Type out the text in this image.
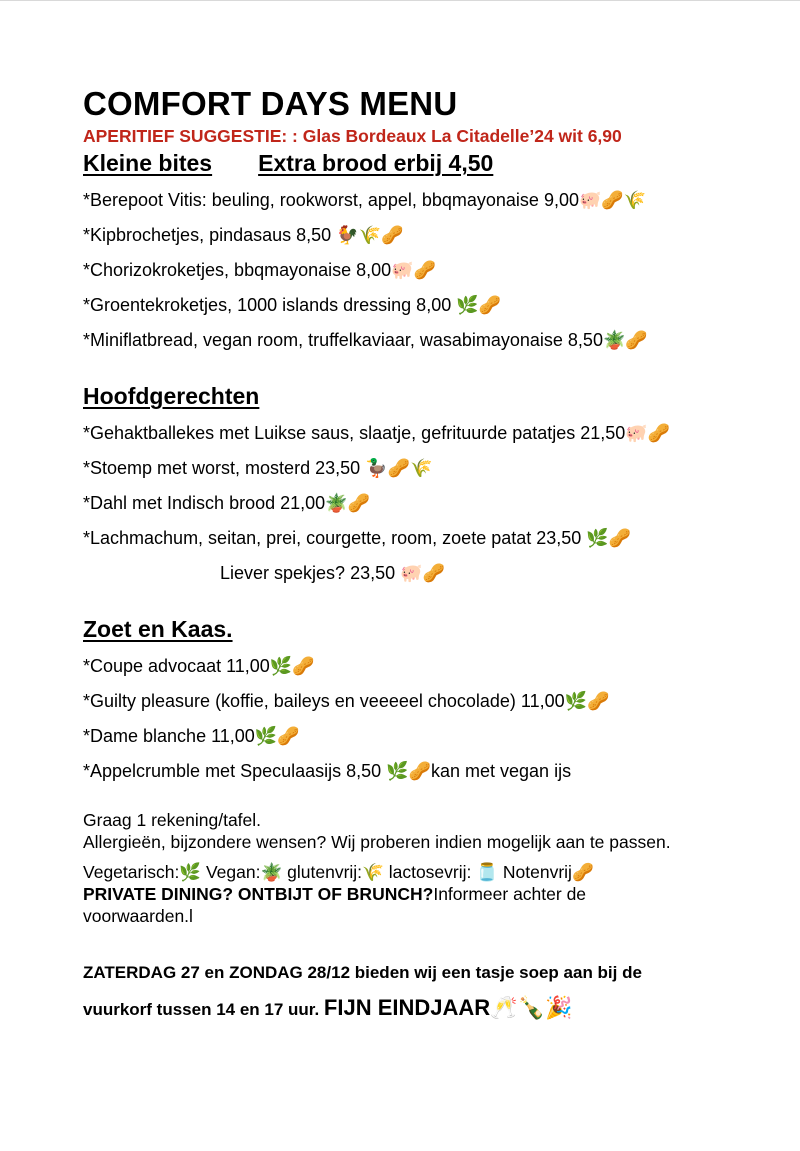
COMFORT DAYS MENU
APERITIEF SUGGESTIE: : Glas Bordeaux La Citadelle’24 wit 6,90
Kleine bites Extra brood erbij 4,50
*Berepoot Vitis: beuling, rookworst, appel, bbqmayonaise 9,00🐖🥜🌾
*Kipbrochetjes, pindasaus 8,50 🐓🌾🥜
*Chorizokroketjes, bbqmayonaise 8,00🐖🥜
*Groentekroketjes, 1000 islands dressing 8,00 🌿🥜
*Miniflatbread, vegan room, truffelkaviaar, wasabimayonaise 8,50🪴🥜
Hoofdgerechten
*Gehaktballekes met Luikse saus, slaatje, gefrituurde patatjes 21,50🐖🥜
*Stoemp met worst, mosterd 23,50 🦆🥜🌾
*Dahl met Indisch brood 21,00🪴🥜
*Lachmachum, seitan, prei, courgette, room, zoete patat 23,50 🌿🥜
Liever spekjes? 23,50 🐖🥜
Zoet en Kaas.
*Coupe advocaat 11,00🌿🥜
*Guilty pleasure (koffie, baileys en veeeeel chocolade) 11,00🌿🥜
*Dame blanche 11,00🌿🥜
*Appelcrumble met Speculaasijs 8,50 🌿🥜kan met vegan ijs
Graag 1 rekening/tafel.
Allergieën, bijzondere wensen? Wij proberen indien mogelijk aan te passen.
Vegetarisch:🌿 Vegan:🪴 glutenvrij:🌾 lactosevrij: 🫙 Notenvrij🥜
PRIVATE DINING? ONTBIJT OF BRUNCH?Informeer achter de
voorwaarden.l
ZATERDAG 27 en ZONDAG 28/12 bieden wij een tasje soep aan bij de
vuurkorf tussen 14 en 17 uur. FIJN EINDJAAR🥂🍾🎉
